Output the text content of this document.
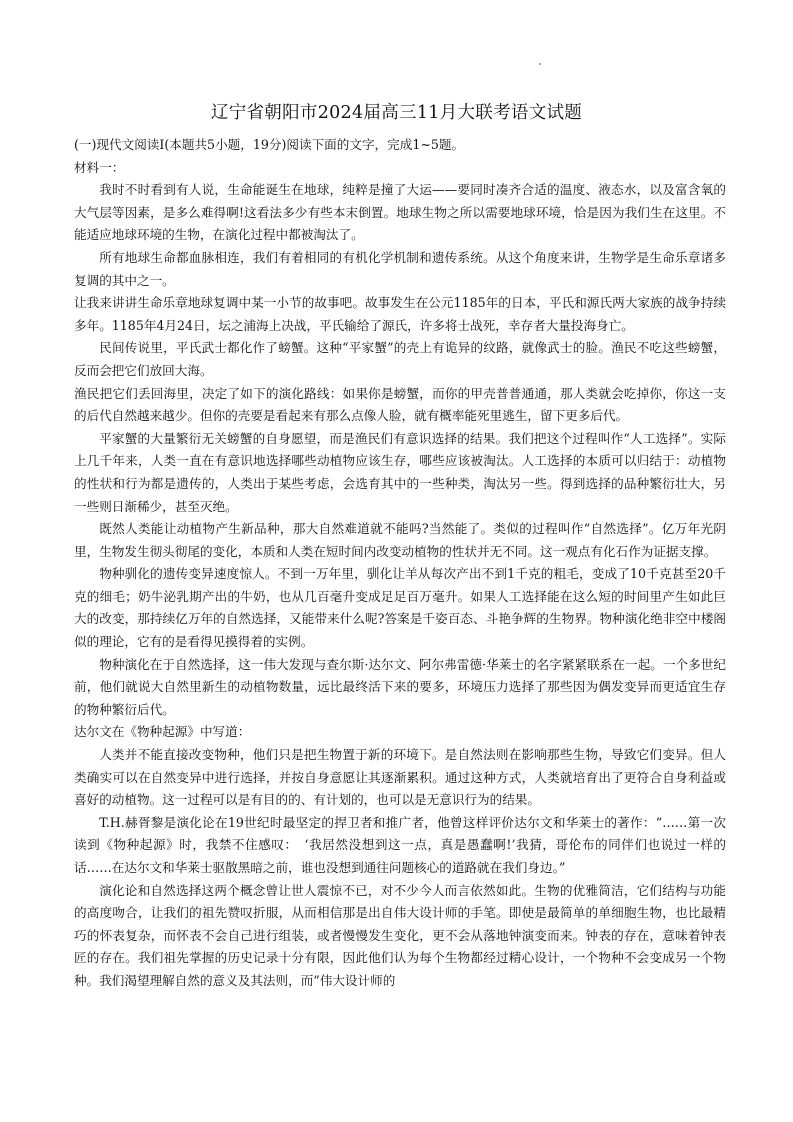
辽宁省朝阳市2024届高三11月大联考语文试题

(一)现代文阅读I(本题共5小题，19分)阅读下面的文字，完成1~5题。

材料一：

我时不时看到有人说，生命能诞生在地球，纯粹是撞了大运——要同时凑齐合适的温度、液态水，以及富含氧的大气层等因素，是多么难得啊!这看法多少有些本末倒置。地球生物之所以需要地球环境，恰是因为我们生在这里。不能适应地球环境的生物，在演化过程中都被淘汰了。

所有地球生命都血脉相连，我们有着相同的有机化学机制和遗传系统。从这个角度来讲，生物学是生命乐章诸多复调的其中之一。

让我来讲讲生命乐章地球复调中某一小节的故事吧。故事发生在公元1185年的日本，平氏和源氏两大家族的战争持续多年。1185年4月24日，坛之浦海上决战，平氏输给了源氏，许多将士战死，幸存者大量投海身亡。

民间传说里，平氏武士都化作了螃蟹。这种“平家蟹”的壳上有诡异的纹路，就像武士的脸。渔民不吃这些螃蟹，反而会把它们放回大海。

渔民把它们丢回海里，决定了如下的演化路线：如果你是螃蟹，而你的甲壳普普通通，那人类就会吃掉你，你这一支的后代自然越来越少。但你的壳要是看起来有那么点像人脸，就有概率能死里逃生，留下更多后代。

平家蟹的大量繁衍无关螃蟹的自身愿望，而是渔民们有意识选择的结果。我们把这个过程叫作“人工选择”。实际上几千年来，人类一直在有意识地选择哪些动植物应该生存，哪些应该被淘汰。人工选择的本质可以归结于：动植物的性状和行为都是遗传的，人类出于某些考虑，会选育其中的一些种类，淘汰另一些。得到选择的品种繁衍壮大，另一些则日渐稀少，甚至灭绝。

既然人类能让动植物产生新品种，那大自然难道就不能吗?当然能了。类似的过程叫作“自然选择”。亿万年光阴里，生物发生彻头彻尾的变化，本质和人类在短时间内改变动植物的性状并无不同。这一观点有化石作为证据支撑。

物种驯化的遗传变异速度惊人。不到一万年里，驯化让羊从每次产出不到1千克的粗毛，变成了10千克甚至20千克的细毛；奶牛泌乳期产出的牛奶，也从几百毫升变成足足百万毫升。如果人工选择能在这么短的时间里产生如此巨大的改变，那持续亿万年的自然选择，又能带来什么呢?答案是千姿百态、斗艳争辉的生物界。物种演化绝非空中楼阁似的理论，它有的是看得见摸得着的实例。

物种演化在于自然选择，这一伟大发现与查尔斯·达尔文、阿尔弗雷德·华莱士的名字紧紧联系在一起。一个多世纪前，他们就说大自然里新生的动植物数量，远比最终活下来的要多，环境压力选择了那些因为偶发变异而更适宜生存的物种繁衍后代。

达尔文在《物种起源》中写道：

人类并不能直接改变物种，他们只是把生物置于新的环境下。是自然法则在影响那些生物，导致它们变异。但人类确实可以在自然变异中进行选择，并按自身意愿让其逐渐累积。通过这种方式，人类就培育出了更符合自身利益或喜好的动植物。这一过程可以是有目的的、有计划的，也可以是无意识行为的结果。

T.H.赫胥黎是演化论在19世纪时最坚定的捍卫者和推广者，他曾这样评价达尔文和华莱士的著作：“……第一次读到《物种起源》时，我禁不住感叹：　‘我居然没想到这一点，真是愚蠢啊!’我猜，哥伦布的同伴们也说过一样的话……在达尔文和华莱士驱散黑暗之前，谁也没想到通往问题核心的道路就在我们身边。”

演化论和自然选择这两个概念曾让世人震惊不已，对不少今人而言依然如此。生物的优雅简洁，它们结构与功能的高度吻合，让我们的祖先赞叹折服，从而相信那是出自伟大设计师的手笔。即使是最简单的单细胞生物，也比最精巧的怀表复杂，而怀表不会自己进行组装，或者慢慢发生变化，更不会从落地钟演变而来。钟表的存在，意味着钟表匠的存在。我们祖先掌握的历史记录十分有限，因此他们认为每个生物都经过精心设计，一个物种不会变成另一个物种。我们渴望理解自然的意义及其法则，而“伟大设计师的
